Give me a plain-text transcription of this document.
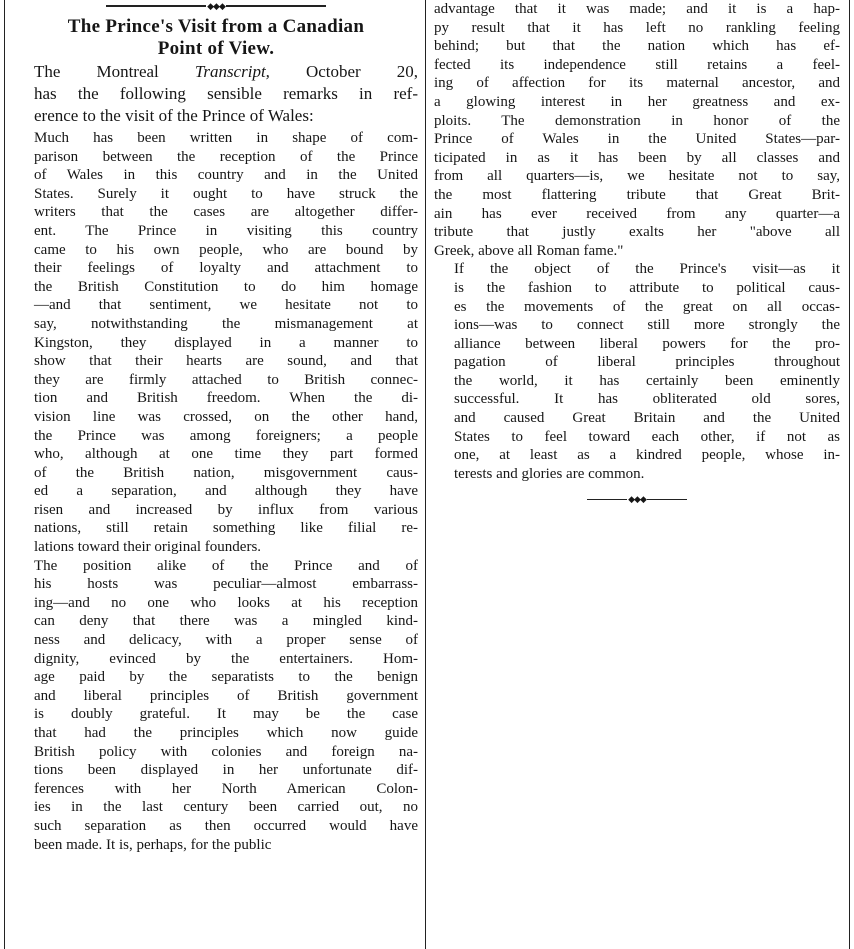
◆◆◆
The Prince's Visit from a Canadian
Point of View.
The Montreal Transcript, October 20,
has the following sensible remarks in ref-
erence to the visit of the Prince of Wales:
Much has been written in shape of com-
parison between the reception of the Prince
of Wales in this country and in the United
States. Surely it ought to have struck the
writers that the cases are altogether differ-
ent. The Prince in visiting this country
came to his own people, who are bound by
their feelings of loyalty and attachment to
the British Constitution to do him homage
—and that sentiment, we hesitate not to
say, notwithstanding the mismanagement at
Kingston, they displayed in a manner to
show that their hearts are sound, and that
they are firmly attached to British connec-
tion and British freedom. When the di-
vision line was crossed, on the other hand,
the Prince was among foreigners; a people
who, although at one time they part formed
of the British nation, misgovernment caus-
ed a separation, and although they have
risen and increased by influx from various
nations, still retain something like filial re-
lations toward their original founders.
The position alike of the Prince and of
his hosts was peculiar—almost embarrass-
ing—and no one who looks at his reception
can deny that there was a mingled kind-
ness and delicacy, with a proper sense of
dignity, evinced by the entertainers. Hom-
age paid by the separatists to the benign
and liberal principles of British government
is doubly grateful. It may be the case
that had the principles which now guide
British policy with colonies and foreign na-
tions been displayed in her unfortunate dif-
ferences with her North American Colon-
ies in the last century been carried out, no
such separation as then occurred would have
been made. It is, perhaps, for the public
advantage that it was made; and it is a hap-
py result that it has left no rankling feeling
behind; but that the nation which has ef-
fected its independence still retains a feel-
ing of affection for its maternal ancestor, and
a glowing interest in her greatness and ex-
ploits. The demonstration in honor of the
Prince of Wales in the United States—par-
ticipated in as it has been by all classes and
from all quarters—is, we hesitate not to say,
the most flattering tribute that Great Brit-
ain has ever received from any quarter—a
tribute that justly exalts her "above all
Greek, above all Roman fame."
If the object of the Prince's visit—as it
is the fashion to attribute to political caus-
es the movements of the great on all occas-
ions—was to connect still more strongly the
alliance between liberal powers for the pro-
pagation of liberal principles throughout
the world, it has certainly been eminently
successful. It has obliterated old sores,
and caused Great Britain and the United
States to feel toward each other, if not as
one, at least as a kindred people, whose in-
terests and glories are common.
◆◆◆
